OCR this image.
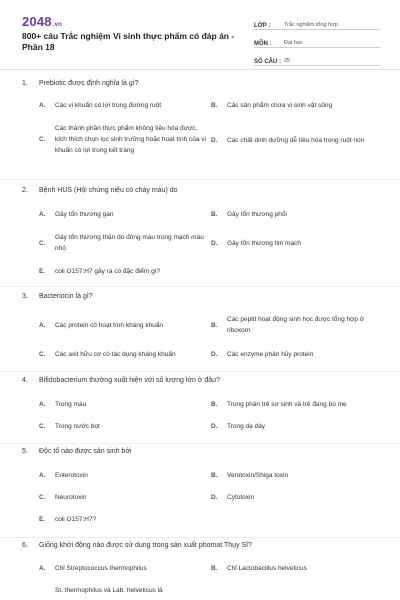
2048.vn
800+ câu Trắc nghiệm Vi sinh thực phẩm có đáp án - Phần 18
LỚP :	Trắc nghiệm tổng hợp
MÔN :	Đại học
SỐ CÂU : 25
1.	Prebiotic được định nghĩa là gì?
A.	Các vi khuẩn có lợi trong đường ruột	B.	Các sản phẩm chứa vi sinh vật sống
C.
Các thành phần thực phẩm không tiêu hóa được, kích thích chọn lọc sinh trưởng hoặc hoạt tính của vi khuẩn có lợi trong kết tràng
D.	Các chất dinh dưỡng dễ tiêu hóa trong ruột non
2.	Bệnh HUS (Hội chứng niệu có chảy máu) do
A.	Gây tổn thương gan	B.	Gây tổn thương phổi
C.
Gây tổn thương thận do đông máu trong mạch máu nhỏ
D.	Gây tổn thương tim mạch
E.	coli O157:H7 gây ra có đặc điểm gì?
3.	Bacteriocin là gì?
A.	Các protein có hoạt tính kháng khuẩn	B.
Các peptit hoạt động sinh học được tổng hợp ở riboxom
C.	Các axit hữu cơ có tác dụng kháng khuẩn	D.	Các enzyme phân hủy protein
4.	Bifidobacterium thường xuất hiện với số lượng lớn ở đâu?
A.	Trong máu	B.	Trong phân trẻ sơ sinh và trẻ đang bú mẹ
C.	Trong nước bọt	D.	Trong dạ dày
5.	Độc tố nào được sản sinh bởi
A.	Enterotoxin	B.	Verotoxin/Shiga toxin
C.	Neurotoxin	D.	Cytotoxin
E.	coli O157:H7?
6.	Giống khởi động nào được sử dụng trong sản xuất phomat Thụy Sĩ?
A.	Chỉ Streptococcus thermophilus	B.	Chỉ Lactobacillus helveticus
St. thermophilus và Lab. helveticus là
